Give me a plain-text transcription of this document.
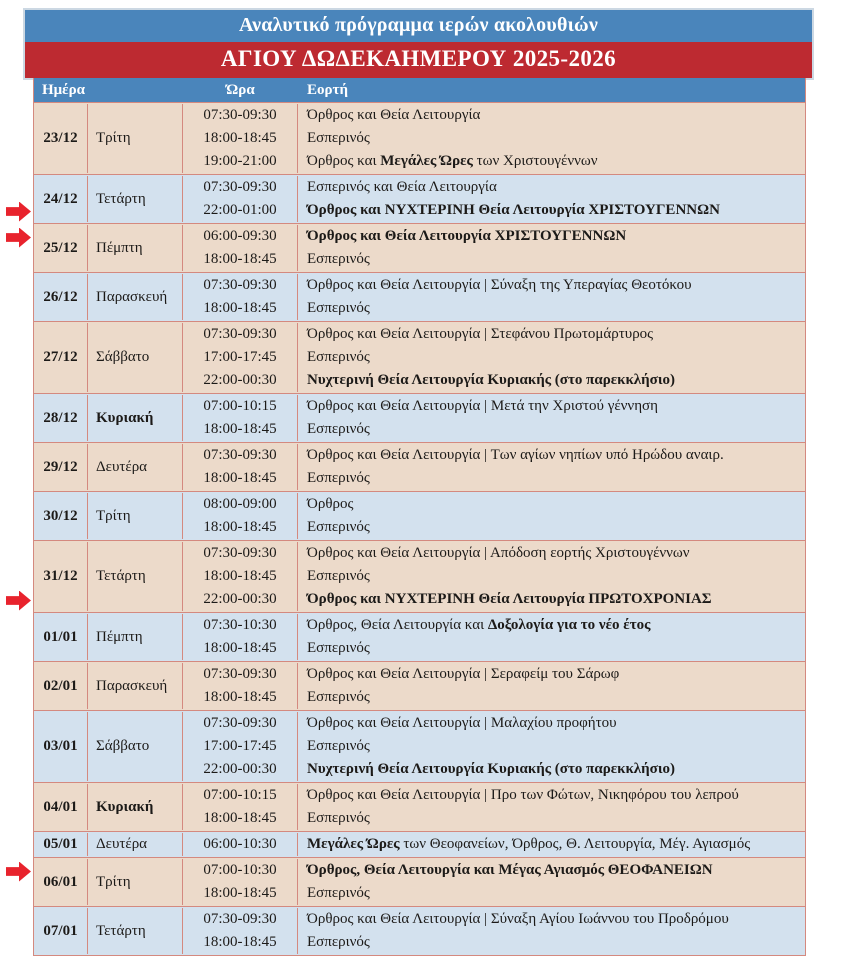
Αναλυτικό πρόγραμμα ιερών ακολουθιών
ΑΓΙΟΥ ΔΩΔΕΚΑΗΜΕΡΟΥ 2025-2026
Ημέρα	Ώρα	Εορτή
23/12	Τρίτη
07:30-09:30	Όρθρος και Θεία Λειτουργία
18:00-18:45	Εσπερινός
19:00-21:00	Όρθρος και Μεγάλες Ώρες των Χριστουγέννων
24/12	Τετάρτη
07:30-09:30	Εσπερινός και Θεία Λειτουργία
22:00-01:00	Όρθρος και ΝΥΧΤΕΡΙΝΗ Θεία Λειτουργία ΧΡΙΣΤΟΥΓΕΝΝΩΝ
25/12	Πέμπτη
06:00-09:30	Όρθρος και Θεία Λειτουργία ΧΡΙΣΤΟΥΓΕΝΝΩΝ
18:00-18:45	Εσπερινός
26/12	Παρασκευή
07:30-09:30	Όρθρος και Θεία Λειτουργία | Σύναξη της Υπεραγίας Θεοτόκου
18:00-18:45	Εσπερινός
27/12	Σάββατο
07:30-09:30	Όρθρος και Θεία Λειτουργία | Στεφάνου Πρωτομάρτυρος
17:00-17:45	Εσπερινός
22:00-00:30	Νυχτερινή Θεία Λειτουργία Κυριακής (στο παρεκκλήσιο)
28/12	Κυριακή
07:00-10:15	Όρθρος και Θεία Λειτουργία | Μετά την Χριστού γέννηση
18:00-18:45	Εσπερινός
29/12	Δευτέρα
07:30-09:30	Όρθρος και Θεία Λειτουργία | Των αγίων νηπίων υπό Ηρώδου αναιρ.
18:00-18:45	Εσπερινός
30/12	Τρίτη
08:00-09:00	Όρθρος
18:00-18:45	Εσπερινός
31/12	Τετάρτη
07:30-09:30	Όρθρος και Θεία Λειτουργία | Απόδοση εορτής Χριστουγέννων
18:00-18:45	Εσπερινός
22:00-00:30	Όρθρος και ΝΥΧΤΕΡΙΝΗ Θεία Λειτουργία ΠΡΩΤΟΧΡΟΝΙΑΣ
01/01	Πέμπτη
07:30-10:30	Όρθρος, Θεία Λειτουργία και Δοξολογία για το νέο έτος
18:00-18:45	Εσπερινός
02/01	Παρασκευή
07:30-09:30	Όρθρος και Θεία Λειτουργία | Σεραφείμ του Σάρωφ
18:00-18:45	Εσπερινός
03/01	Σάββατο
07:30-09:30	Όρθρος και Θεία Λειτουργία | Μαλαχίου προφήτου
17:00-17:45	Εσπερινός
22:00-00:30	Νυχτερινή Θεία Λειτουργία Κυριακής (στο παρεκκλήσιο)
04/01	Κυριακή
07:00-10:15	Όρθρος και Θεία Λειτουργία | Προ των Φώτων, Νικηφόρου του λεπρού
18:00-18:45	Εσπερινός
05/01	Δευτέρα	06:00-10:30	Μεγάλες Ώρες των Θεοφανείων, Όρθρος, Θ. Λειτουργία, Μέγ. Αγιασμός
06/01	Τρίτη
07:00-10:30	Όρθρος, Θεία Λειτουργία και Μέγας Αγιασμός ΘΕΟΦΑΝΕΙΩΝ
18:00-18:45	Εσπερινός
07/01	Τετάρτη
07:30-09:30	Όρθρος και Θεία Λειτουργία | Σύναξη Αγίου Ιωάννου του Προδρόμου
18:00-18:45	Εσπερινός
